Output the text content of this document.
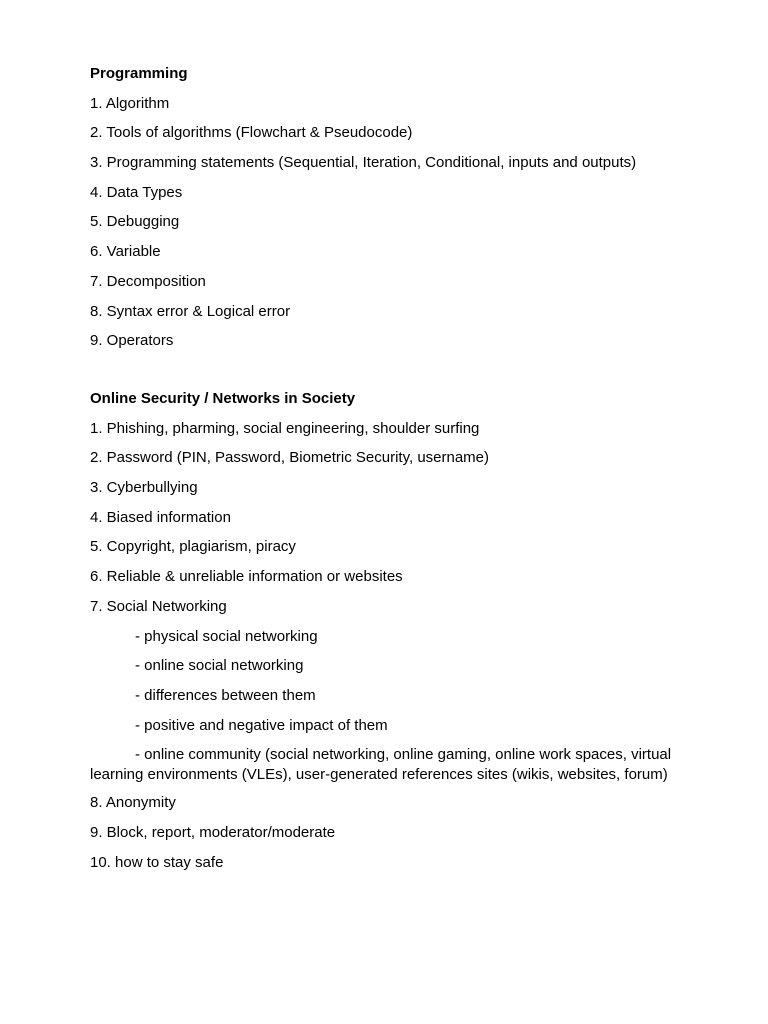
Programming
1. Algorithm
2. Tools of algorithms (Flowchart & Pseudocode)
3. Programming statements (Sequential, Iteration, Conditional, inputs and outputs)
4. Data Types
5. Debugging
6. Variable
7. Decomposition
8. Syntax error & Logical error
9. Operators
Online Security / Networks in Society
1. Phishing, pharming, social engineering, shoulder surfing
2. Password (PIN, Password, Biometric Security, username)
3. Cyberbullying
4. Biased information
5. Copyright, plagiarism, piracy
6. Reliable & unreliable information or websites
7. Social Networking
- physical social networking
- online social networking
- differences between them
- positive and negative impact of them
- online community (social networking, online gaming, online work spaces, virtual learning environments (VLEs), user-generated references sites (wikis, websites, forum)
8. Anonymity
9. Block, report, moderator/moderate
10. how to stay safe
